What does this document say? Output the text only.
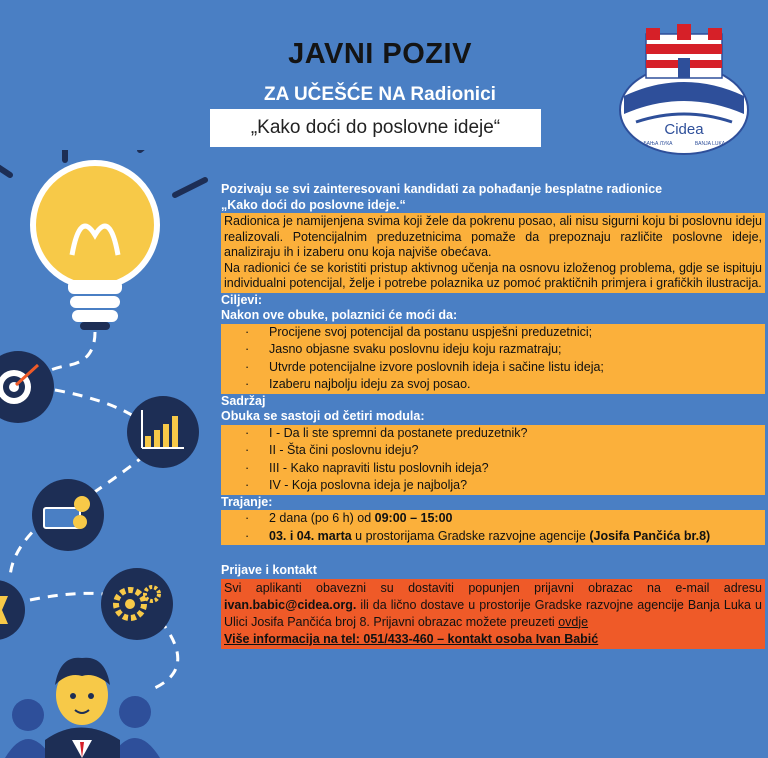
JAVNI POZIV
ZA UČEŠĆE NA Radionici
„Kako doći do poslovne ideje“	Cidea
БАЊА ЛУКА	BANJA LUKA
Pozivaju se svi zainteresovani kandidati za pohađanje besplatne radionice
„Kako doći do poslovne ideje.“
Radionica je namijenjena svima koji žele da pokrenu posao, ali nisu sigurni koju bi poslovnu ideju realizovali. Potencijalnim preduzetnicima pomaže da prepoznaju različite poslovne ideje, analiziraju ih i izaberu onu koja najviše obećava.
Na radionici će se koristiti pristup aktivnog učenja na osnovu izloženog problema, gdje se ispituju individualni potencijal, želje i potrebe polaznika uz pomoć praktičnih primjera i grafičkih ilustracija.
Ciljevi:
Nakon ove obuke, polaznici će moći da:
· Procijene svoj potencijal da postanu uspješni preduzetnici;
· Jasno objasne svaku poslovnu ideju koju razmatraju;
· Utvrde potencijalne izvore poslovnih ideja i sačine listu ideja;
· Izaberu najbolju ideju za svoj posao.
Sadržaj
Obuka se sastoji od četiri modula:
· I - Da li ste spremni da postanete preduzetnik?
· II - Šta čini poslovnu ideju?
· III - Kako napraviti listu poslovnih ideja?
· IV - Koja poslovna ideja je najbolja?
Trajanje:
· 2 dana (po 6 h) od 09:00 – 15:00
· 03. i 04. marta u prostorijama Gradske razvojne agencije (Josifa Pančića br.8)
Prijave i kontakt
Svi aplikanti obavezni su dostaviti popunjen prijavni obrazac na e-mail adresu ivan.babic@cidea.org. ili da lično dostave u prostorije Gradske razvojne agencije Banja Luka u Ulici Josifa Pančića broj 8. Prijavni obrazac možete preuzeti ovdje
Više informacija na tel: 051/433-460 – kontakt osoba Ivan Babić
